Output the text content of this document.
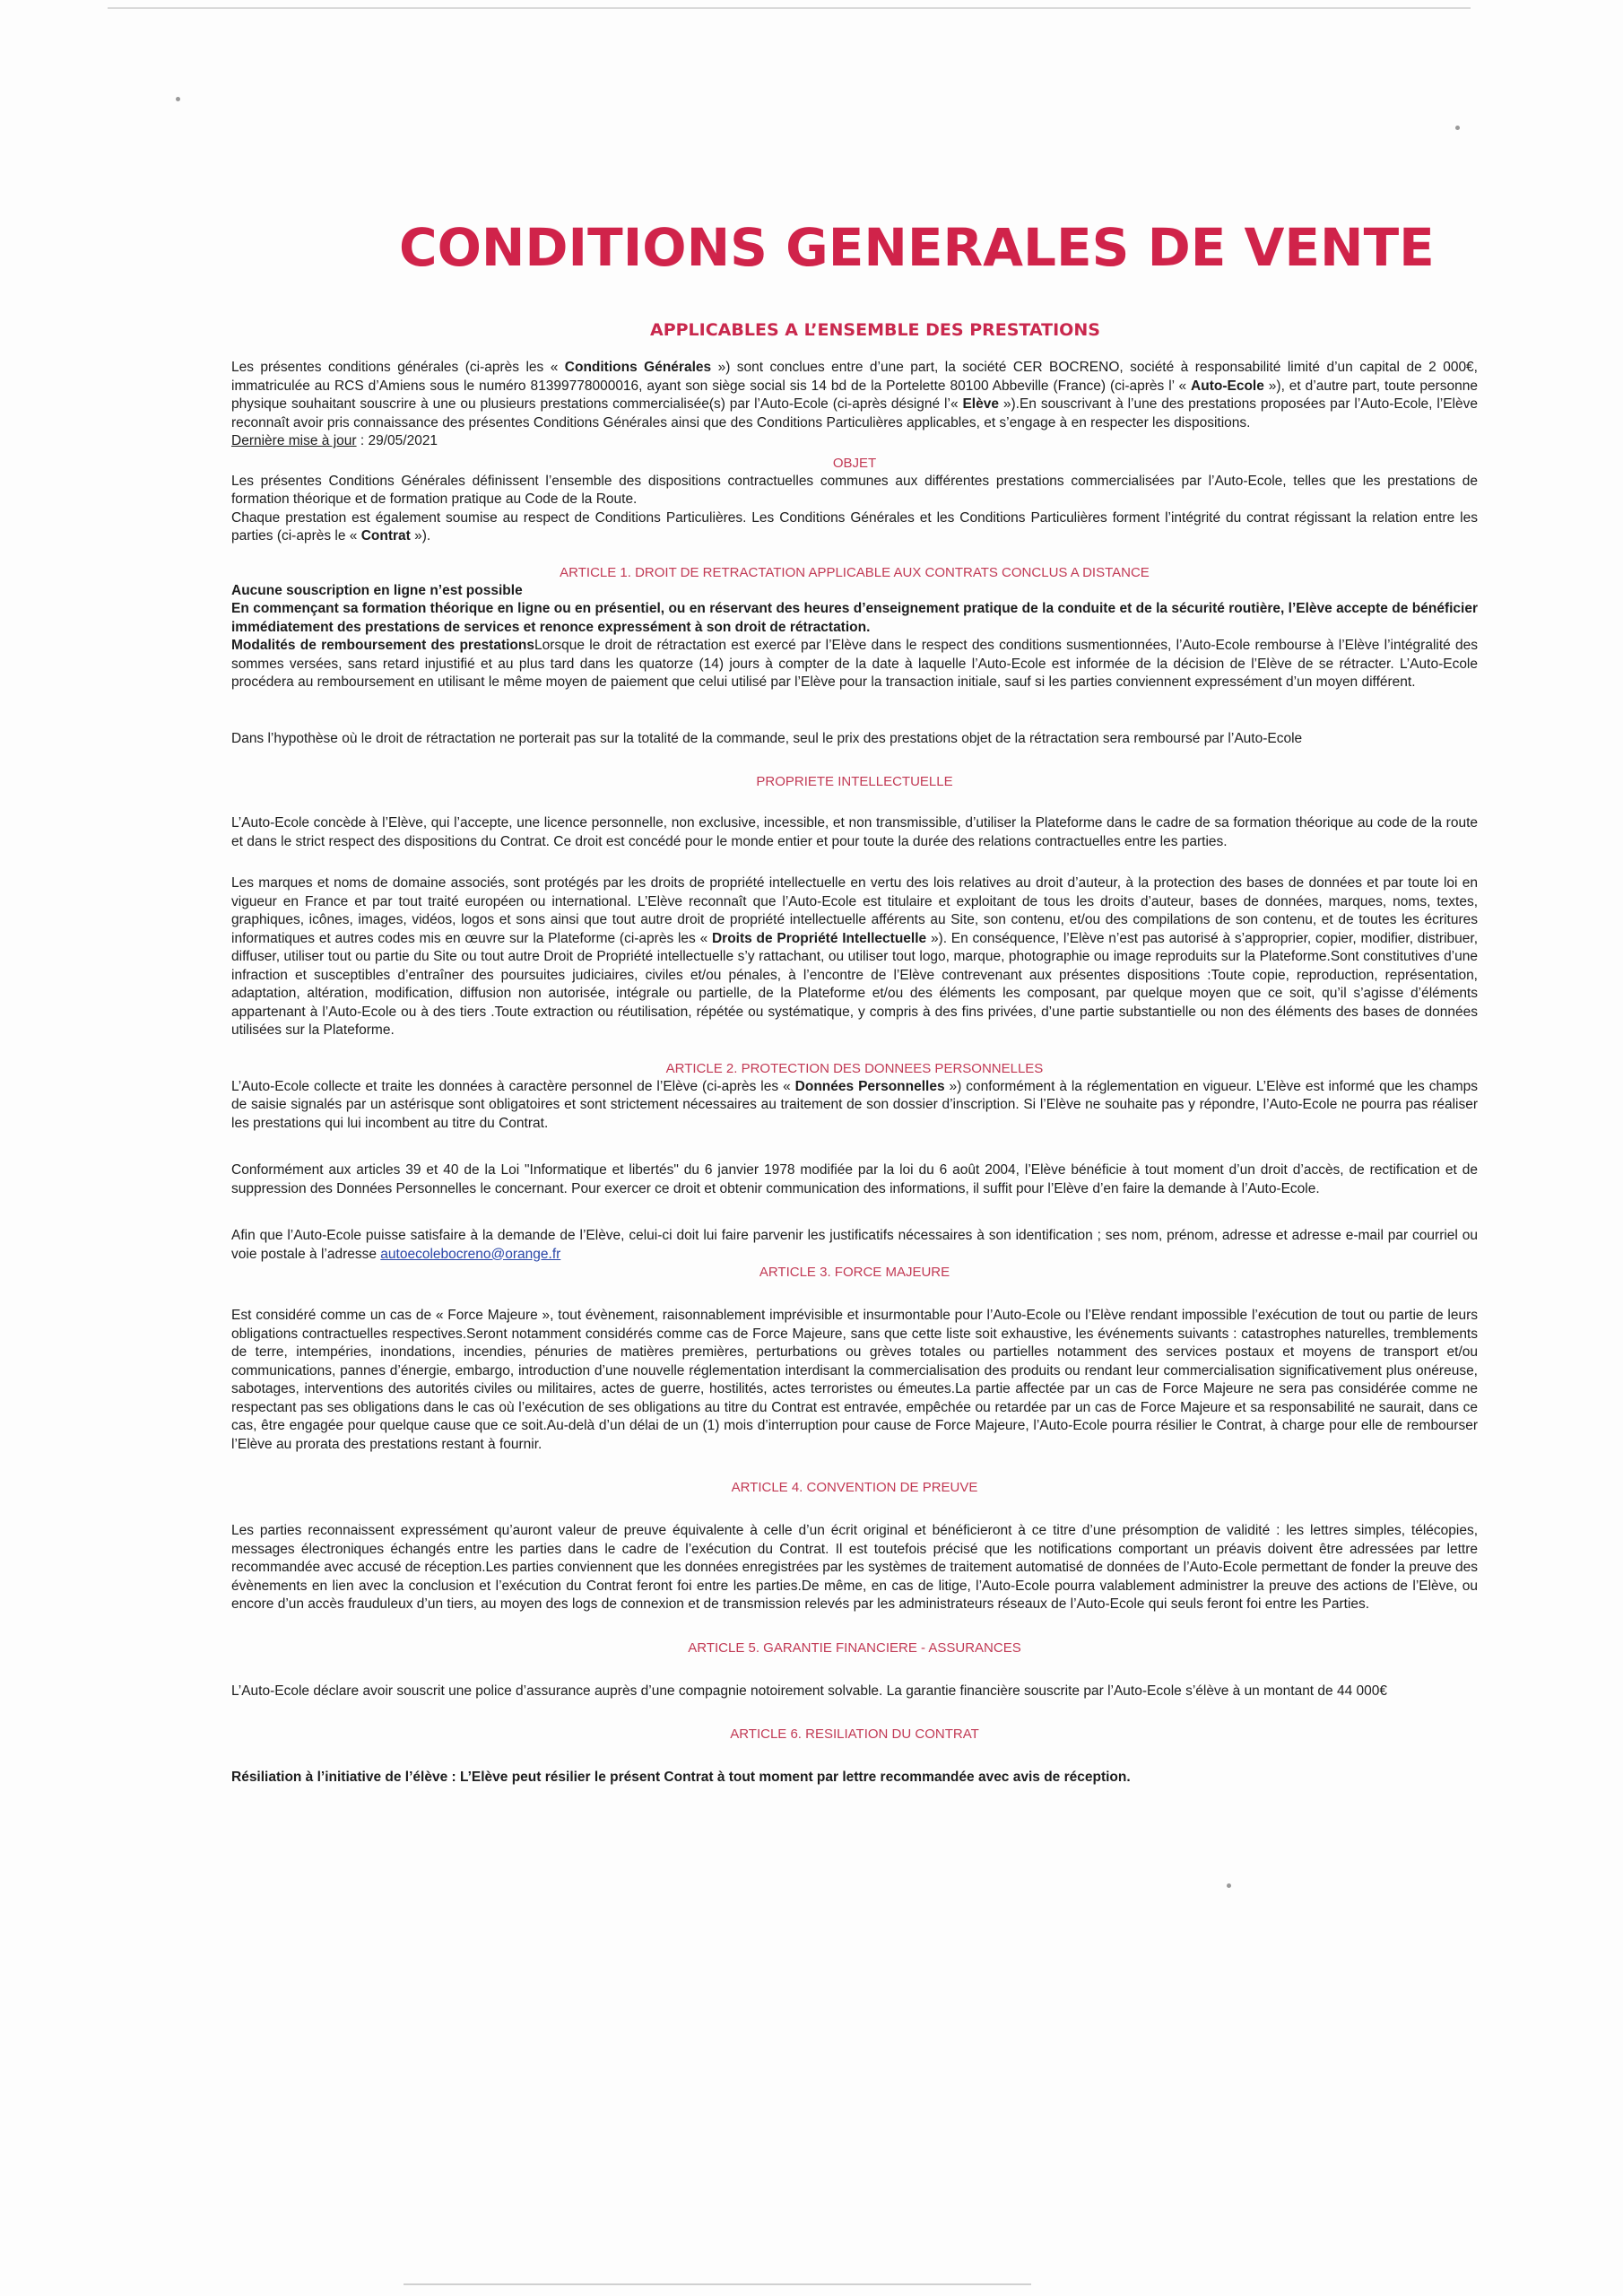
CONDITIONS GENERALES DE VENTE
APPLICABLES A L’ENSEMBLE DES PRESTATIONS

Les présentes conditions générales (ci-après les « Conditions Générales ») sont conclues entre d’une part, la société CER BOCRENO, société à responsabilité limité d’un capital de 2 000€, immatriculée au RCS d’Amiens sous le numéro 81399778000016, ayant son siège social sis 14 bd de la Portelette 80100 Abbeville (France) (ci-après l’ « Auto-Ecole »), et d’autre part, toute personne physique souhaitant souscrire à une ou plusieurs prestations commercialisée(s) par l’Auto-Ecole (ci-après désigné l’« Elève »).En souscrivant à l’une des prestations proposées par l’Auto-Ecole, l’Elève reconnaît avoir pris connaissance des présentes Conditions Générales ainsi que des Conditions Particulières applicables, et s’engage à en respecter les dispositions.

Dernière mise à jour : 29/05/2021

OBJET

Les présentes Conditions Générales définissent l’ensemble des dispositions contractuelles communes aux différentes prestations commercialisées par l’Auto-Ecole, telles que les prestations de formation théorique et de formation pratique au Code de la Route.

Chaque prestation est également soumise au respect de Conditions Particulières. Les Conditions Générales et les Conditions Particulières forment l’intégrité du contrat régissant la relation entre les parties (ci-après le « Contrat »).

ARTICLE 1. DROIT DE RETRACTATION APPLICABLE AUX CONTRATS CONCLUS A DISTANCE

Aucune souscription en ligne n’est possible

En commençant sa formation théorique en ligne ou en présentiel, ou en réservant des heures d’enseignement pratique de la conduite et de la sécurité routière, l’Elève accepte de bénéficier immédiatement des prestations de services et renonce expressément à son droit de rétractation.

Modalités de remboursement des prestationsLorsque le droit de rétractation est exercé par l’Elève dans le respect des conditions susmentionnées, l’Auto-Ecole rembourse à l’Elève l’intégralité des sommes versées, sans retard injustifié et au plus tard dans les quatorze (14) jours à compter de la date à laquelle l’Auto-Ecole est informée de la décision de l’Elève de se rétracter. L’Auto-Ecole procédera au remboursement en utilisant le même moyen de paiement que celui utilisé par l’Elève pour la transaction initiale, sauf si les parties conviennent expressément d’un moyen différent.

Dans l’hypothèse où le droit de rétractation ne porterait pas sur la totalité de la commande, seul le prix des prestations objet de la rétractation sera remboursé par l’Auto-Ecole

PROPRIETE INTELLECTUELLE

L’Auto-Ecole concède à l’Elève, qui l’accepte, une licence personnelle, non exclusive, incessible, et non transmissible, d’utiliser la Plateforme dans le cadre de sa formation théorique au code de la route et dans le strict respect des dispositions du Contrat. Ce droit est concédé pour le monde entier et pour toute la durée des relations contractuelles entre les parties.

Les marques et noms de domaine associés, sont protégés par les droits de propriété intellectuelle en vertu des lois relatives au droit d’auteur, à la protection des bases de données et par toute loi en vigueur en France et par tout traité européen ou international. L’Elève reconnaît que l’Auto-Ecole est titulaire et exploitant de tous les droits d’auteur, bases de données, marques, noms, textes, graphiques, icônes, images, vidéos, logos et sons ainsi que tout autre droit de propriété intellectuelle afférents au Site, son contenu, et/ou des compilations de son contenu, et de toutes les écritures informatiques et autres codes mis en œuvre sur la Plateforme (ci-après les « Droits de Propriété Intellectuelle »). En conséquence, l’Elève n’est pas autorisé à s’approprier, copier, modifier, distribuer, diffuser, utiliser tout ou partie du Site ou tout autre Droit de Propriété intellectuelle s’y rattachant, ou utiliser tout logo, marque, photographie ou image reproduits sur la Plateforme.Sont constitutives d’une infraction et susceptibles d’entraîner des poursuites judiciaires, civiles et/ou pénales, à l’encontre de l’Elève contrevenant aux présentes dispositions :Toute copie, reproduction, représentation, adaptation, altération, modification, diffusion non autorisée, intégrale ou partielle, de la Plateforme et/ou des éléments les composant, par quelque moyen que ce soit, qu’il s’agisse d’éléments appartenant à l’Auto-Ecole ou à des tiers .Toute extraction ou réutilisation, répétée ou systématique, y compris à des fins privées, d’une partie substantielle ou non des éléments des bases de données utilisées sur la Plateforme.

ARTICLE 2. PROTECTION DES DONNEES PERSONNELLES

L’Auto-Ecole collecte et traite les données à caractère personnel de l’Elève (ci-après les « Données Personnelles ») conformément à la réglementation en vigueur. L’Elève est informé que les champs de saisie signalés par un astérisque sont obligatoires et sont strictement nécessaires au traitement de son dossier d’inscription. Si l’Elève ne souhaite pas y répondre, l’Auto-Ecole ne pourra pas réaliser les prestations qui lui incombent au titre du Contrat.

Conformément aux articles 39 et 40 de la Loi "Informatique et libertés" du 6 janvier 1978 modifiée par la loi du 6 août 2004, l’Elève bénéficie à tout moment d’un droit d’accès, de rectification et de suppression des Données Personnelles le concernant. Pour exercer ce droit et obtenir communication des informations, il suffit pour l’Elève d’en faire la demande à l’Auto-Ecole.

Afin que l’Auto-Ecole puisse satisfaire à la demande de l’Elève, celui-ci doit lui faire parvenir les justificatifs nécessaires à son identification ; ses nom, prénom, adresse et adresse e-mail par courriel ou voie postale à l’adresse autoecolebocreno@orange.fr

ARTICLE 3. FORCE MAJEURE

Est considéré comme un cas de « Force Majeure », tout évènement, raisonnablement imprévisible et insurmontable pour l’Auto-Ecole ou l’Elève rendant impossible l’exécution de tout ou partie de leurs obligations contractuelles respectives.Seront notamment considérés comme cas de Force Majeure, sans que cette liste soit exhaustive, les événements suivants : catastrophes naturelles, tremblements de terre, intempéries, inondations, incendies, pénuries de matières premières, perturbations ou grèves totales ou partielles notamment des services postaux et moyens de transport et/ou communications, pannes d’énergie, embargo, introduction d’une nouvelle réglementation interdisant la commercialisation des produits ou rendant leur commercialisation significativement plus onéreuse, sabotages, interventions des autorités civiles ou militaires, actes de guerre, hostilités, actes terroristes ou émeutes.La partie affectée par un cas de Force Majeure ne sera pas considérée comme ne respectant pas ses obligations dans le cas où l’exécution de ses obligations au titre du Contrat est entravée, empêchée ou retardée par un cas de Force Majeure et sa responsabilité ne saurait, dans ce cas, être engagée pour quelque cause que ce soit.Au-delà d’un délai de un (1) mois d’interruption pour cause de Force Majeure, l’Auto-Ecole pourra résilier le Contrat, à charge pour elle de rembourser l’Elève au prorata des prestations restant à fournir.

ARTICLE 4. CONVENTION DE PREUVE

Les parties reconnaissent expressément qu’auront valeur de preuve équivalente à celle d’un écrit original et bénéficieront à ce titre d’une présomption de validité : les lettres simples, télécopies, messages électroniques échangés entre les parties dans le cadre de l’exécution du Contrat. Il est toutefois précisé que les notifications comportant un préavis doivent être adressées par lettre recommandée avec accusé de réception.Les parties conviennent que les données enregistrées par les systèmes de traitement automatisé de données de l’Auto-Ecole permettant de fonder la preuve des évènements en lien avec la conclusion et l’exécution du Contrat feront foi entre les parties.De même, en cas de litige, l’Auto-Ecole pourra valablement administrer la preuve des actions de l’Elève, ou encore d’un accès frauduleux d’un tiers, au moyen des logs de connexion et de transmission relevés par les administrateurs réseaux de l’Auto-Ecole qui seuls feront foi entre les Parties.

ARTICLE 5. GARANTIE FINANCIERE - ASSURANCES

L’Auto-Ecole déclare avoir souscrit une police d’assurance auprès d’une compagnie notoirement solvable. La garantie financière souscrite par l’Auto-Ecole s’élève à un montant de 44 000€

ARTICLE 6. RESILIATION DU CONTRAT

Résiliation à l’initiative de l’élève : L’Elève peut résilier le présent Contrat à tout moment par lettre recommandée avec avis de réception.
